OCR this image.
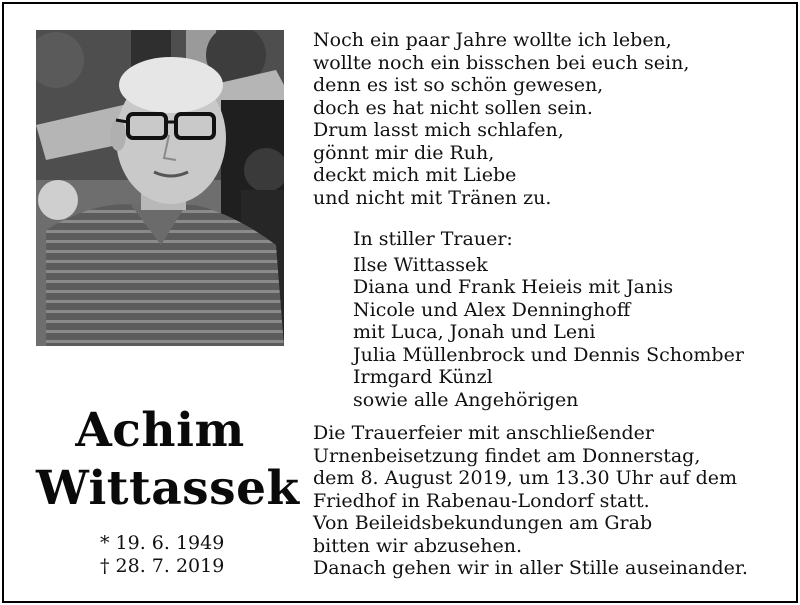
Achim
Wittassek
* 19. 6. 1949
† 28. 7. 2019
Noch ein paar Jahre wollte ich leben,
wollte noch ein bisschen bei euch sein,
denn es ist so schön gewesen,
doch es hat nicht sollen sein.
Drum lasst mich schlafen,
gönnt mir die Ruh,
deckt mich mit Liebe
und nicht mit Tränen zu.
In stiller Trauer:
Ilse Wittassek
Diana und Frank Heieis mit Janis
Nicole und Alex Denninghoff
mit Luca, Jonah und Leni
Julia Müllenbrock und Dennis Schomber
Irmgard Künzl
sowie alle Angehörigen
Die Trauerfeier mit anschließender
Urnenbeisetzung findet am Donnerstag,
dem 8. August 2019, um 13.30 Uhr auf dem
Friedhof in Rabenau-Londorf statt.
Von Beileidsbekundungen am Grab
bitten wir abzusehen.
Danach gehen wir in aller Stille auseinander.
